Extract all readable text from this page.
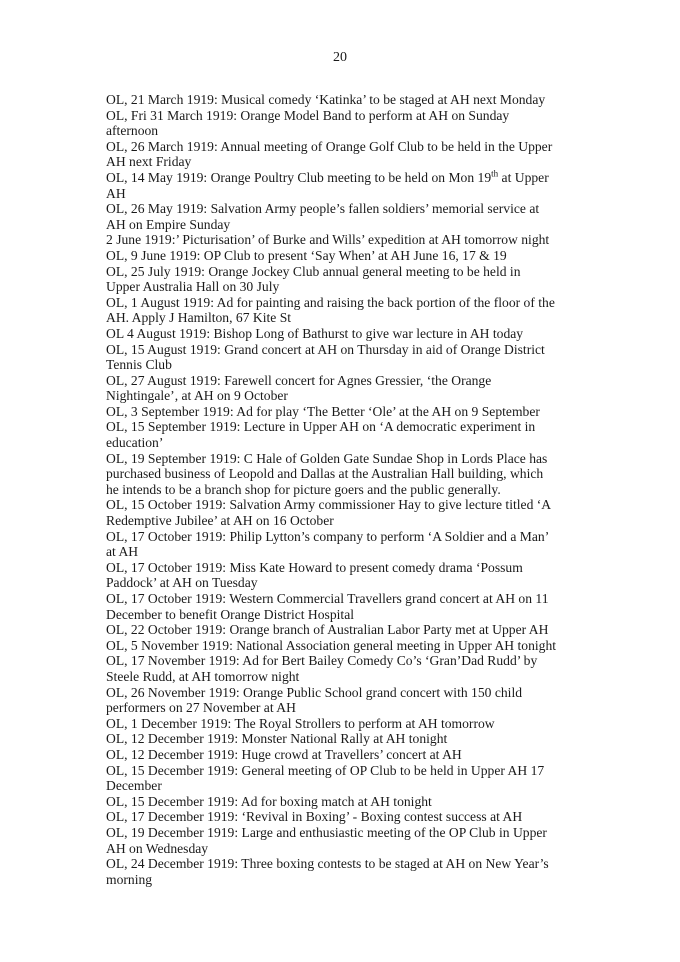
20

OL, 21 March 1919: Musical comedy ‘Katinka’ to be staged at AH next Monday

OL, Fri 31 March 1919: Orange Model Band to perform at AH on Sunday afternoon

OL, 26 March 1919: Annual meeting of Orange Golf Club to be held in the Upper AH next Friday

OL, 14 May 1919: Orange Poultry Club meeting to be held on Mon 19th at Upper AH

OL, 26 May 1919: Salvation Army people’s fallen soldiers’ memorial service at AH on Empire Sunday

2 June 1919:’ Picturisation’ of Burke and Wills’ expedition at AH tomorrow night

OL, 9 June 1919: OP Club to present ‘Say When’ at AH June 16, 17 & 19

OL, 25 July 1919: Orange Jockey Club annual general meeting to be held in Upper Australia Hall on 30 July

OL, 1 August 1919: Ad for painting and raising the back portion of the floor of the AH. Apply J Hamilton, 67 Kite St

OL 4 August 1919: Bishop Long of Bathurst to give war lecture in AH today

OL, 15 August 1919: Grand concert at AH on Thursday in aid of Orange District Tennis Club

OL, 27 August 1919: Farewell concert for Agnes Gressier, ‘the Orange Nightingale’, at AH on 9 October

OL, 3 September 1919: Ad for play ‘The Better ‘Ole’ at the AH on 9 September

OL, 15 September 1919: Lecture in Upper AH on ‘A democratic experiment in education’

OL, 19 September 1919: C Hale of Golden Gate Sundae Shop in Lords Place has purchased business of Leopold and Dallas at the Australian Hall building, which he intends to be a branch shop for picture goers and the public generally.

OL, 15 October 1919: Salvation Army commissioner Hay to give lecture titled ‘A Redemptive Jubilee’ at AH on 16 October

OL, 17 October 1919: Philip Lytton’s company to perform ‘A Soldier and a Man’ at AH

OL, 17 October 1919: Miss Kate Howard to present comedy drama ‘Possum Paddock’ at AH on Tuesday

OL, 17 October 1919: Western Commercial Travellers grand concert at AH on 11 December to benefit Orange District Hospital

OL, 22 October 1919: Orange branch of Australian Labor Party met at Upper AH

OL, 5 November 1919: National Association general meeting in Upper AH tonight

OL, 17 November 1919: Ad for Bert Bailey Comedy Co’s ‘Gran’Dad Rudd’ by Steele Rudd, at AH tomorrow night

OL, 26 November 1919: Orange Public School grand concert with 150 child performers on 27 November at AH

OL, 1 December 1919: The Royal Strollers to perform at AH tomorrow

OL, 12 December 1919: Monster National Rally at AH tonight

OL, 12 December 1919: Huge crowd at Travellers’ concert at AH

OL, 15 December 1919: General meeting of OP Club to be held in Upper AH 17 December

OL, 15 December 1919: Ad for boxing match at AH tonight

OL, 17 December 1919: ‘Revival in Boxing’ - Boxing contest success at AH

OL, 19 December 1919: Large and enthusiastic meeting of the OP Club in Upper AH on Wednesday

OL, 24 December 1919: Three boxing contests to be staged at AH on New Year’s morning
